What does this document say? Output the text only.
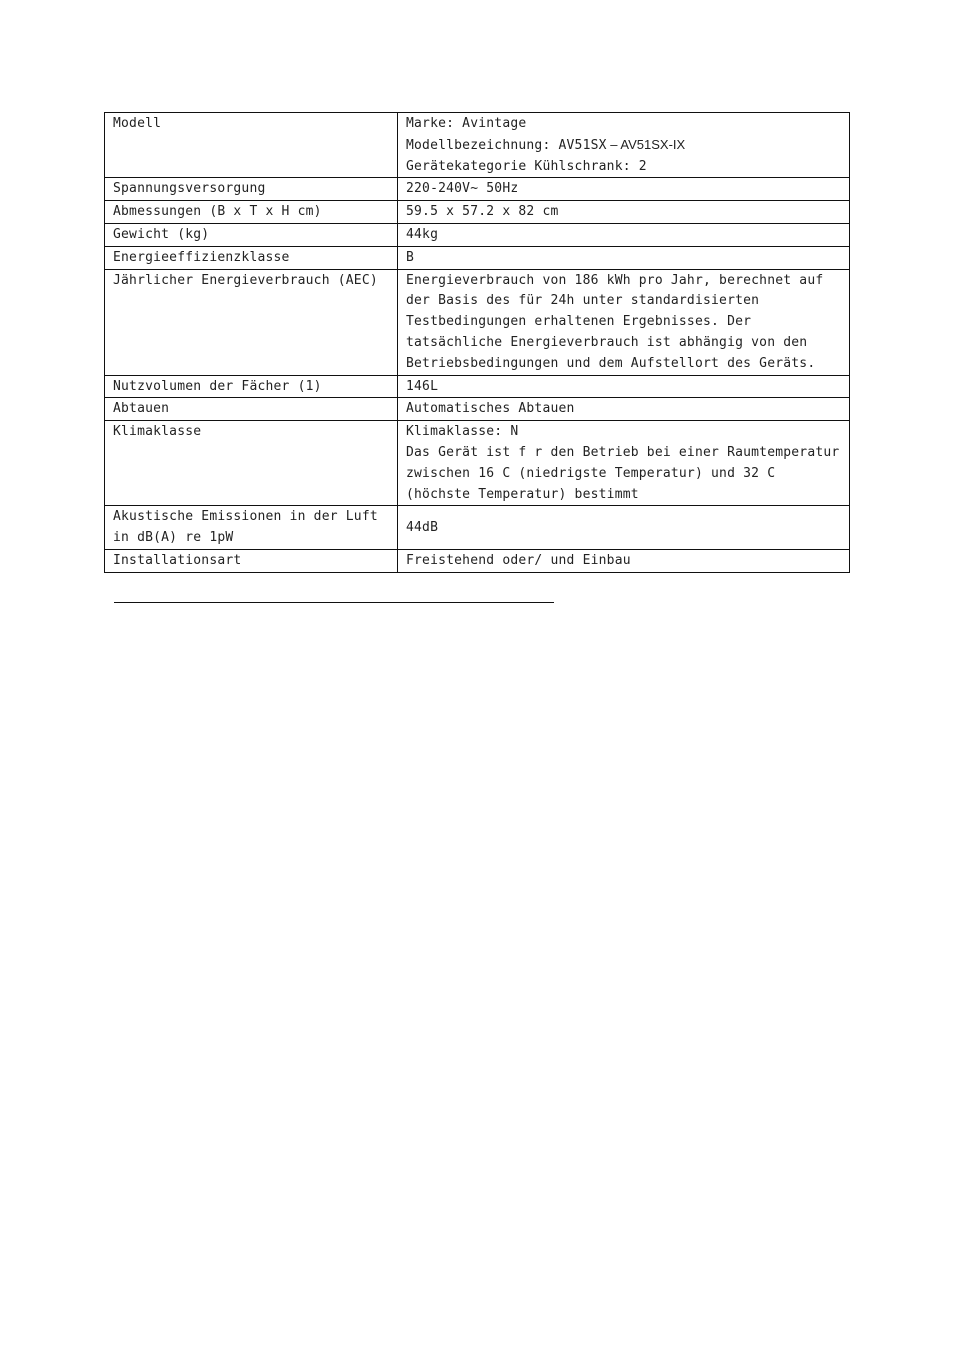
Modell	Marke: Avintage
Modellbezeichnung: AV51SX – AV51SX-IX
Gerätekategorie Kühlschrank: 2

Spannungsversorgung	220-240V~ 50Hz

Abmessungen (B x T x H cm)	59.5 x 57.2 x 82 cm

Gewicht (kg)	44kg

Energieeffizienzklasse	B

Jährlicher Energieverbrauch (AEC)	Energieverbrauch von 186 kWh pro Jahr, berechnet auf
der Basis des für 24h unter standardisierten
Testbedingungen erhaltenen Ergebnisses. Der
tatsächliche Energieverbrauch ist abhängig von den
Betriebsbedingungen und dem Aufstellort des Geräts.

Nutzvolumen der Fächer (1)	146L

Abtauen	Automatisches Abtauen

Klimaklasse	Klimaklasse: N
Das Gerät ist f r den Betrieb bei einer Raumtemperatur
zwischen 16 C (niedrigste Temperatur) und 32 C
(höchste Temperatur) bestimmt

Akustische Emissionen in der Luft
in dB(A) re 1pW	44dB

Installationsart	Freistehend oder/ und Einbau
